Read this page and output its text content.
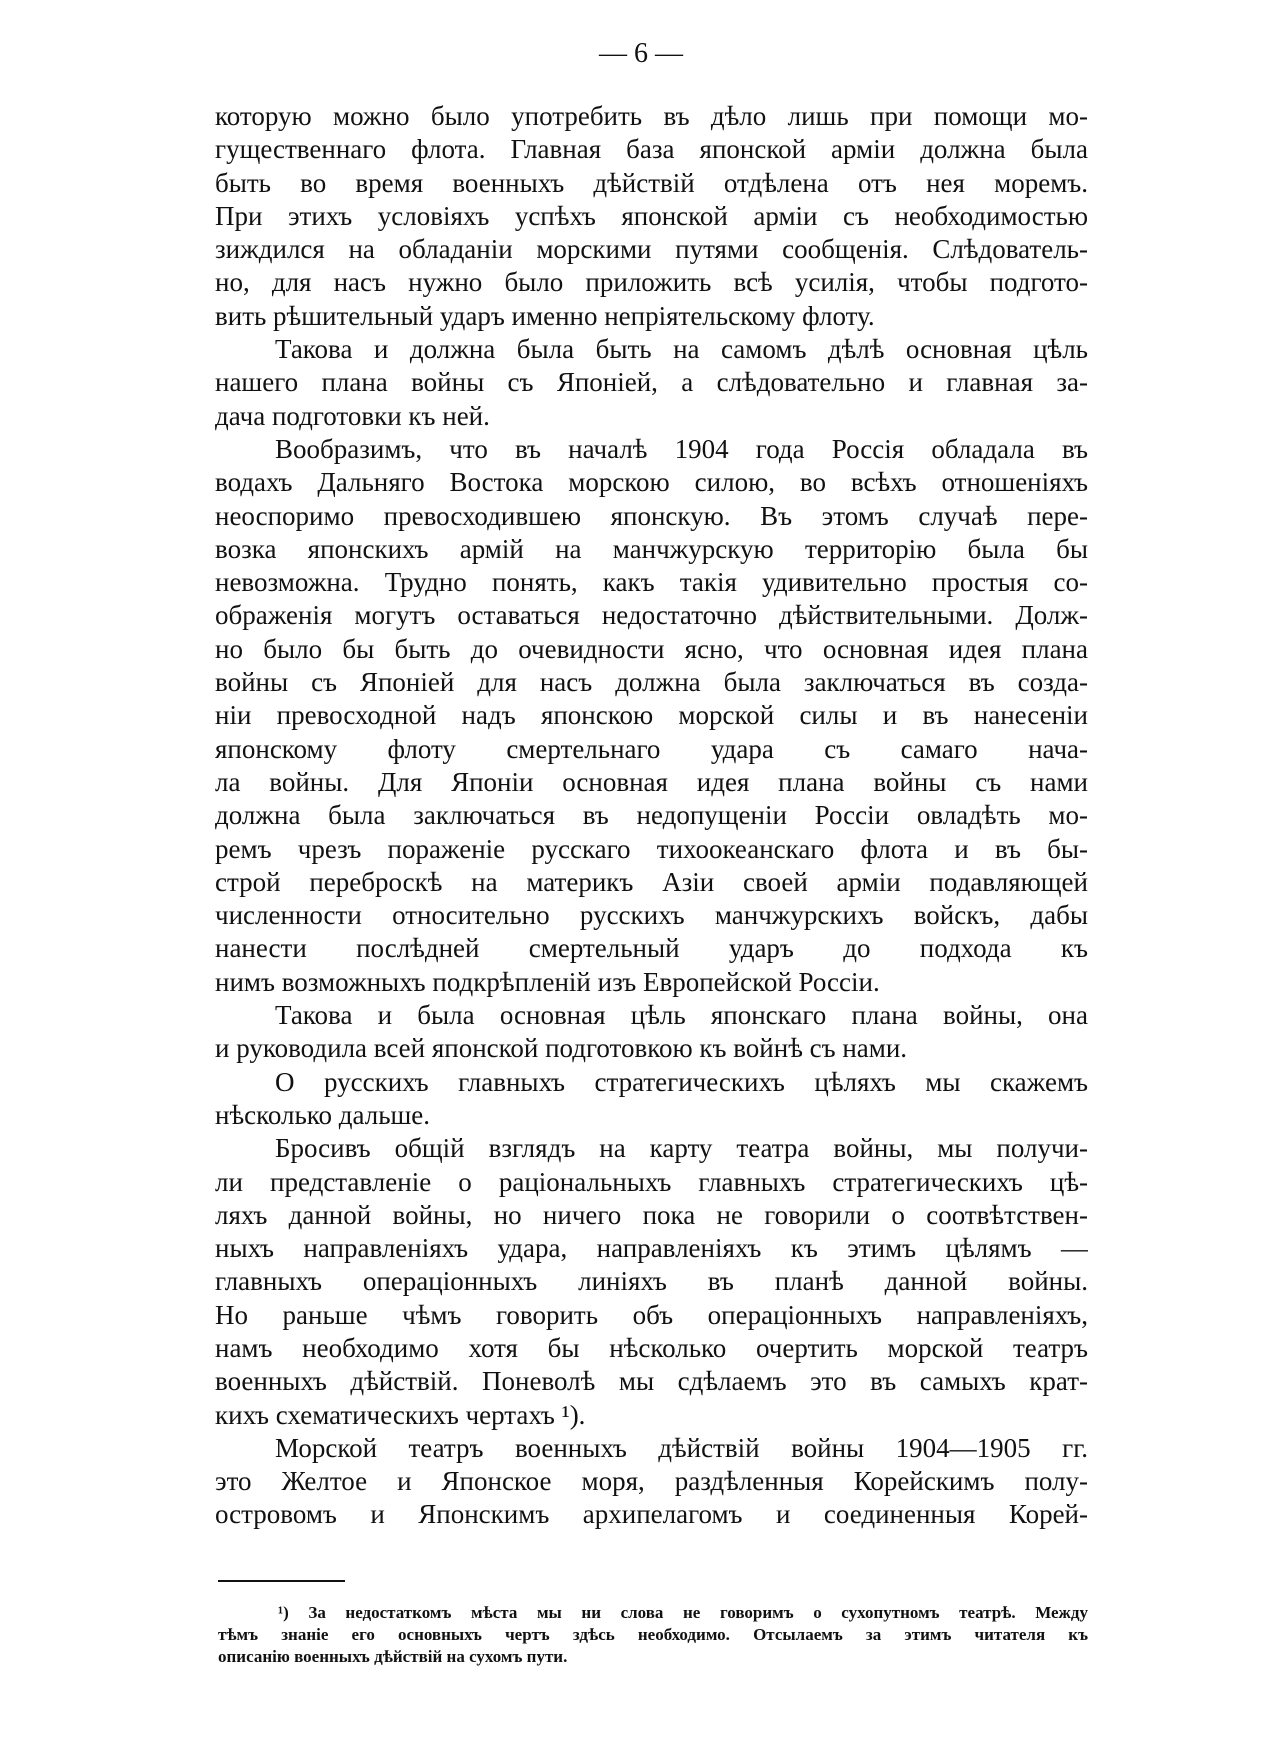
— 6 —
которую можно было употребить въ дѣло лишь при помощи мо-
гущественнаго флота. Главная база японской арміи должна была
быть во время военныхъ дѣйствій отдѣлена отъ нея моремъ.
При этихъ условіяхъ успѣхъ японской арміи съ необходимостью
зиждился на обладаніи морскими путями сообщенія. Слѣдователь-
но, для насъ нужно было приложить всѣ усилія, чтобы подгото-
вить рѣшительный ударъ именно непріятельскому флоту.
Такова и должна была быть на самомъ дѣлѣ основная цѣль
нашего плана войны съ Японіей, а слѣдовательно и главная за-
дача подготовки къ ней.
Вообразимъ, что въ началѣ 1904 года Россія обладала въ
водахъ Дальняго Востока морскою силою, во всѣхъ отношеніяхъ
неоспоримо превосходившею японскую. Въ этомъ случаѣ пере-
возка японскихъ армій на манчжурскую территорію была бы
невозможна. Трудно понять, какъ такія удивительно простыя со-
ображенія могутъ оставаться недостаточно дѣйствительными. Долж-
но было бы быть до очевидности ясно, что основная идея плана
войны съ Японіей для насъ должна была заключаться въ созда-
ніи превосходной надъ японскою морской силы и въ нанесеніи
японскому флоту смертельнаго удара съ самаго нача-
ла войны. Для Японіи основная идея плана войны съ нами
должна была заключаться въ недопущеніи Россіи овладѣть мо-
ремъ чрезъ пораженіе русскаго тихоокеанскаго флота и въ бы-
строй переброскѣ на материкъ Азіи своей арміи подавляющей
численности относительно русскихъ манчжурскихъ войскъ, дабы
нанести послѣдней смертельный ударъ до подхода къ
нимъ возможныхъ подкрѣпленій изъ Европейской Россіи.
Такова и была основная цѣль японскаго плана войны, она
и руководила всей японской подготовкою къ войнѣ съ нами.
О русскихъ главныхъ стратегическихъ цѣляхъ мы скажемъ
нѣсколько дальше.
Бросивъ общій взглядъ на карту театра войны, мы получи-
ли представленіе о раціональныхъ главныхъ стратегическихъ цѣ-
ляхъ данной войны, но ничего пока не говорили о соотвѣтствен-
ныхъ направленіяхъ удара, направленіяхъ къ этимъ цѣлямъ —
главныхъ операціонныхъ линіяхъ въ планѣ данной войны.
Но раньше чѣмъ говорить объ операціонныхъ направленіяхъ,
намъ необходимо хотя бы нѣсколько очертить морской театръ
военныхъ дѣйствій. Поневолѣ мы сдѣлаемъ это въ самыхъ крат-
кихъ схематическихъ чертахъ ¹).
Морской театръ военныхъ дѣйствій войны 1904—1905 гг.
это Желтое и Японское моря, раздѣленныя Корейскимъ полу-
островомъ и Японскимъ архипелагомъ и соединенныя Корей-
¹) За недостаткомъ мѣста мы ни слова не говоримъ о сухопутномъ театрѣ. Между
тѣмъ знаніе его основныхъ чертъ здѣсь необходимо. Отсылаемъ за этимъ читателя къ
описанію военныхъ дѣйствій на сухомъ пути.
